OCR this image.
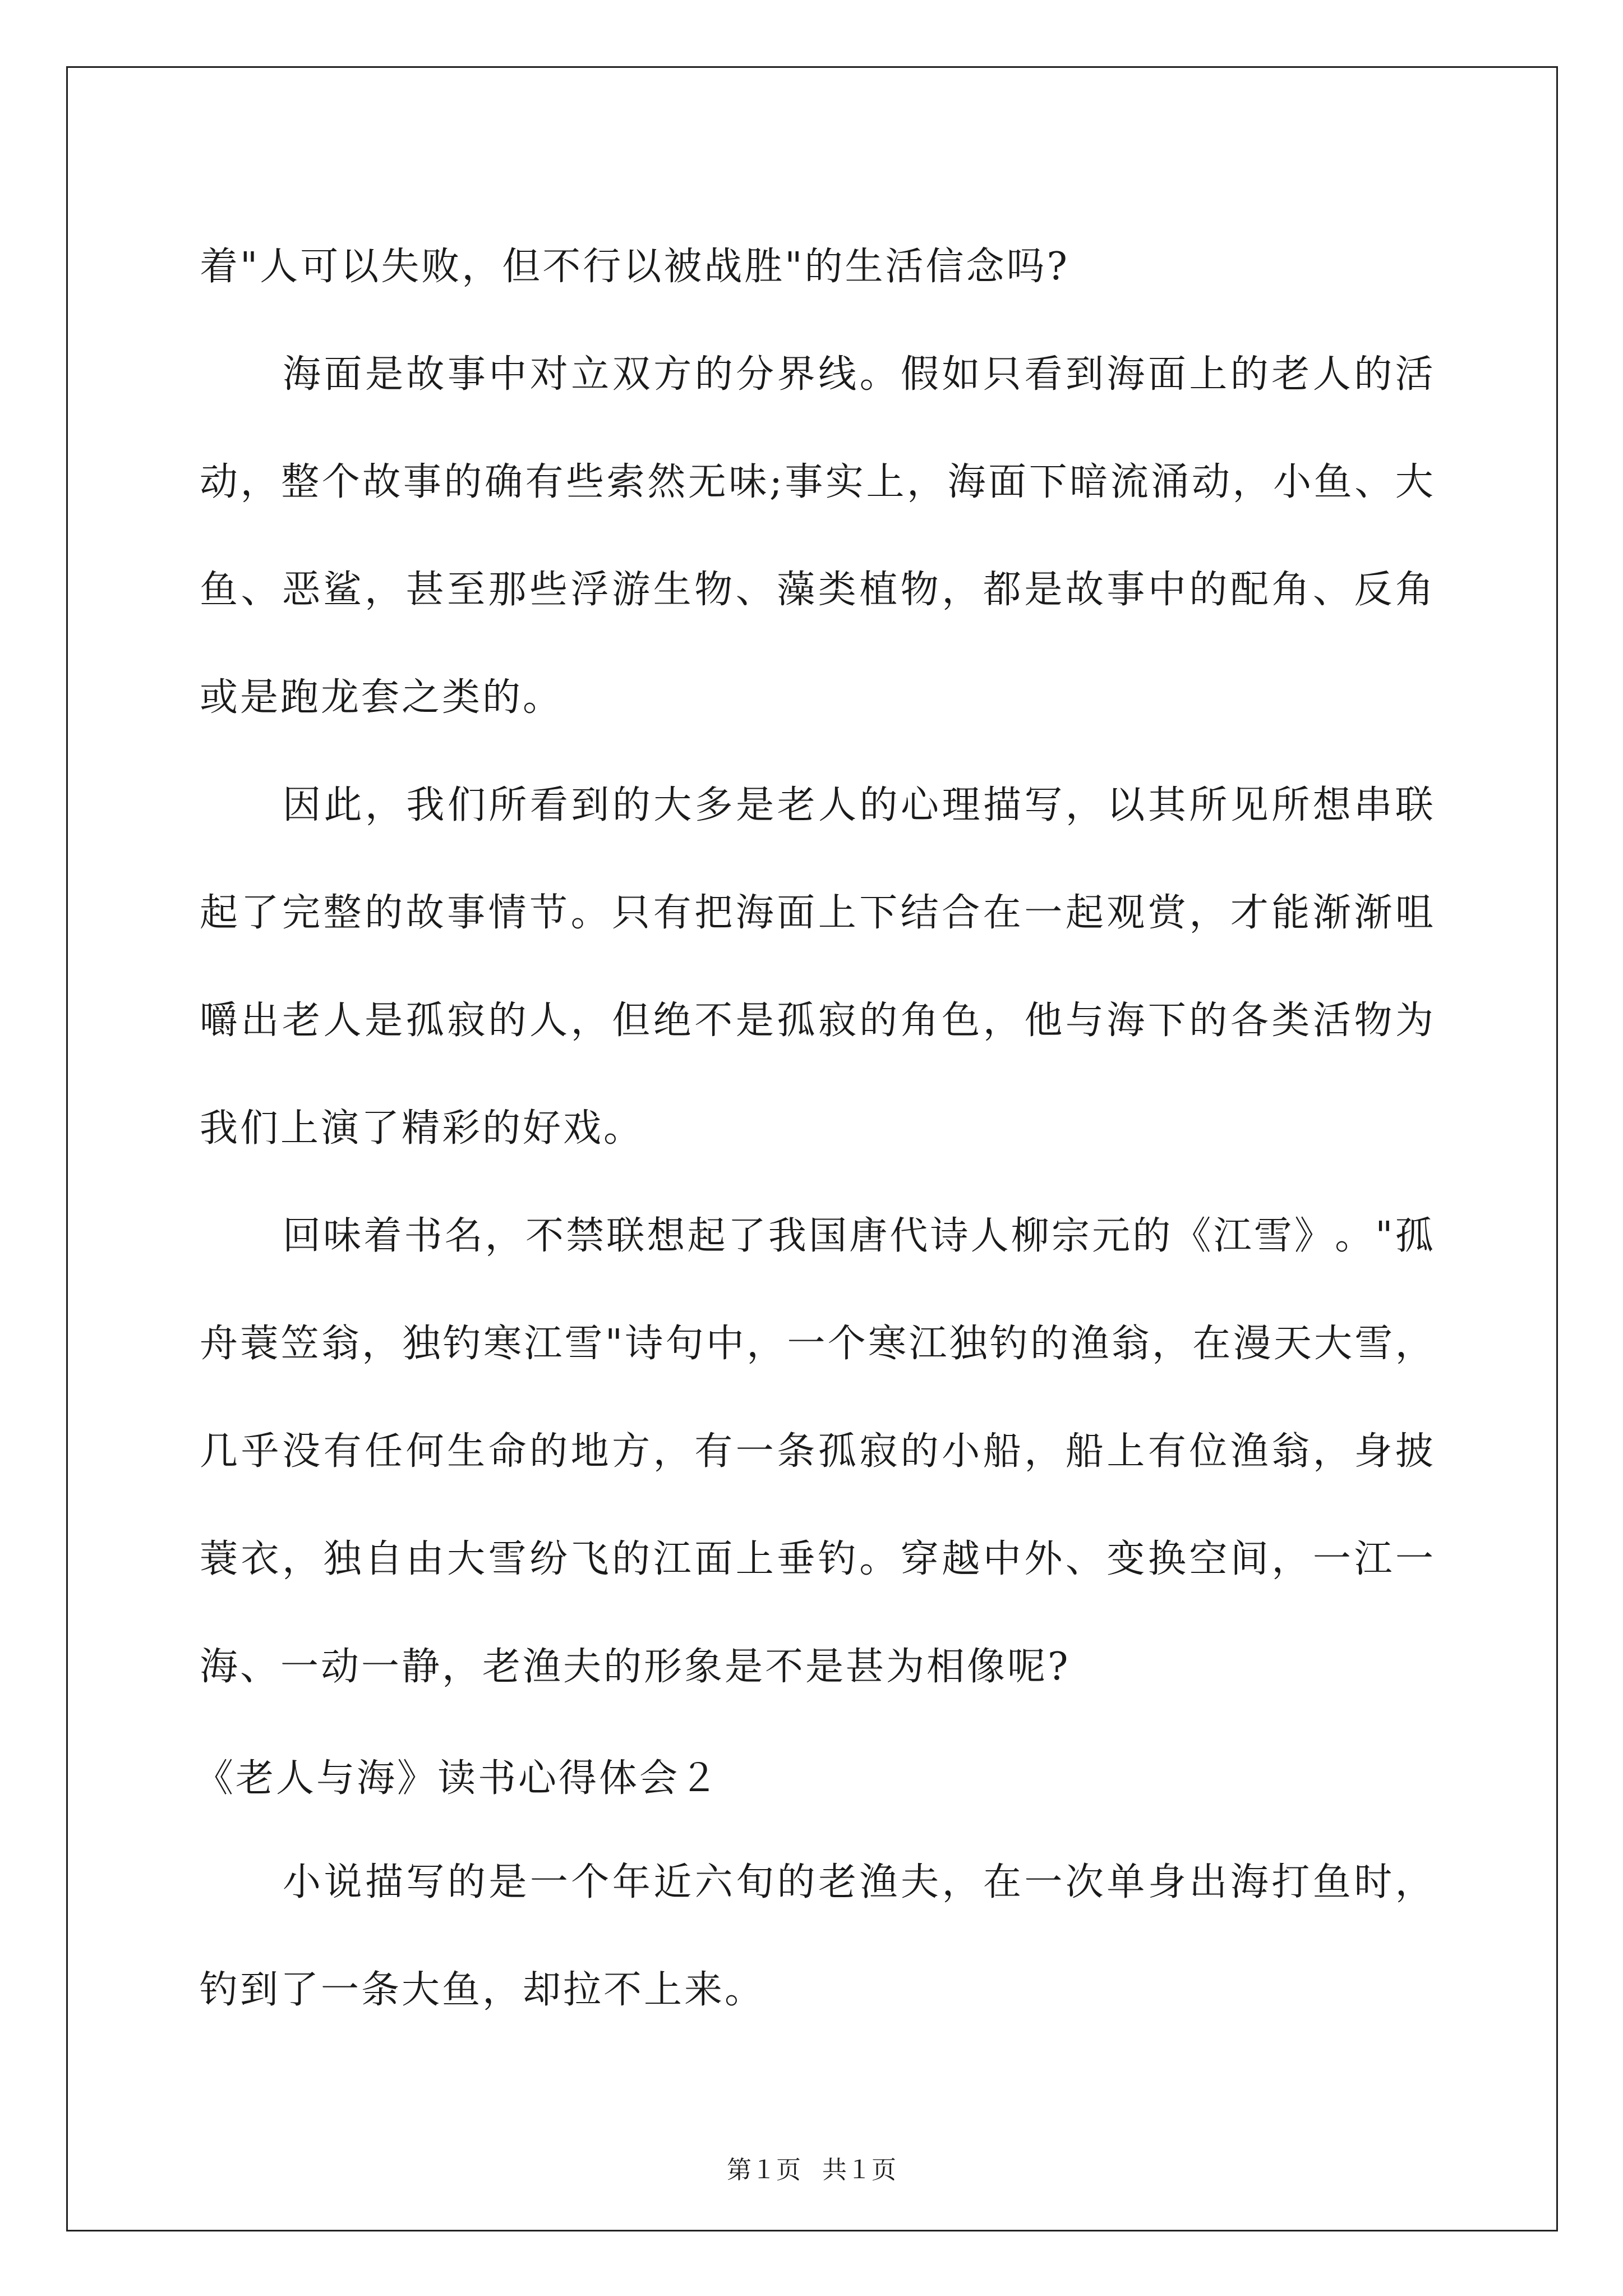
着"人可以失败，但不行以被战胜"的生活信念吗?
海 面 是 故 事 中 对 立 双 方 的 分 界 线 。 假 如 只 看 到 海 面 上 的 老 人 的 活
动 ， 整 个 故 事 的 确 有 些 索 然 无 味 ; 事 实 上 ， 海 面 下 暗 流 涌 动 ， 小 鱼 、 大
鱼 、 恶 鲨 ， 甚 至 那 些 浮 游 生 物 、 藻 类 植 物 ， 都 是 故 事 中 的 配 角 、 反 角
或是跑龙套之类的。
因 此 ， 我 们 所 看 到 的 大 多 是 老 人 的 心 理 描 写 ， 以 其 所 见 所 想 串 联
起 了 完 整 的 故 事 情 节 。 只 有 把 海 面 上 下 结 合 在 一 起 观 赏 ， 才 能 渐 渐 咀
嚼 出 老 人 是 孤 寂 的 人 ， 但 绝 不 是 孤 寂 的 角 色 ， 他 与 海 下 的 各 类 活 物 为
我们上演了精彩的好戏。
回 味 着 书 名 ， 不 禁 联 想 起 了 我 国 唐 代 诗 人 柳 宗 元 的 《 江 雪 》 。 " 孤
舟 蓑 笠 翁 ， 独 钓 寒 江 雪 " 诗 句 中 ， 一 个 寒 江 独 钓 的 渔 翁 ， 在 漫 天 大 雪 ，
几 乎 没 有 任 何 生 命 的 地 方 ， 有 一 条 孤 寂 的 小 船 ， 船 上 有 位 渔 翁 ， 身 披
蓑 衣 ， 独 自 由 大 雪 纷 飞 的 江 面 上 垂 钓 。 穿 越 中 外 、 变 换 空 间 ， 一 江 一
海、一动一静，老渔夫的形象是不是甚为相像呢?
《老人与海》读书心得体会２
小 说 描 写 的 是 一 个 年 近 六 旬 的 老 渔 夫 ， 在 一 次 单 身 出 海 打 鱼 时 ，
钓到了一条大鱼，却拉不上来。
第１页 共１页
